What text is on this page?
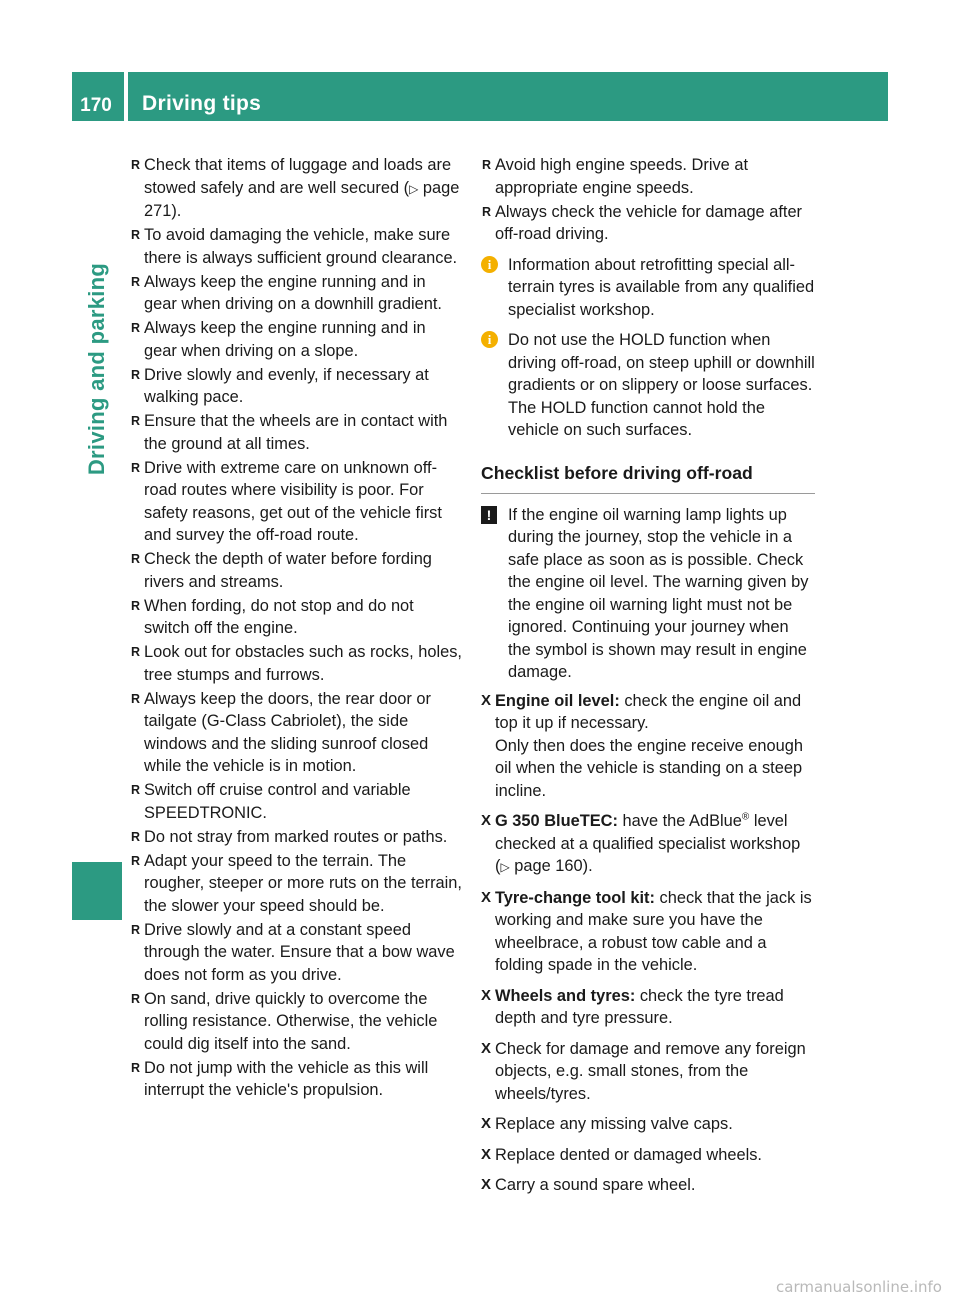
170	Driving tips
Driving and parking
R Check that items of luggage and loads are stowed safely and are well secured (▷ page 271).
R To avoid damaging the vehicle, make sure there is always sufficient ground clearance.
R Always keep the engine running and in gear when driving on a downhill gradient.
R Always keep the engine running and in gear when driving on a slope.
R Drive slowly and evenly, if necessary at walking pace.
R Ensure that the wheels are in contact with the ground at all times.
R Drive with extreme care on unknown off-road routes where visibility is poor. For safety reasons, get out of the vehicle first and survey the off-road route.
R Check the depth of water before fording rivers and streams.
R When fording, do not stop and do not switch off the engine.
R Look out for obstacles such as rocks, holes, tree stumps and furrows.
R Always keep the doors, the rear door or tailgate (G-Class Cabriolet), the side windows and the sliding sunroof closed while the vehicle is in motion.
R Switch off cruise control and variable SPEEDTRONIC.
R Do not stray from marked routes or paths.
R Adapt your speed to the terrain. The rougher, steeper or more ruts on the terrain, the slower your speed should be.
R Drive slowly and at a constant speed through the water. Ensure that a bow wave does not form as you drive.
R On sand, drive quickly to overcome the rolling resistance. Otherwise, the vehicle could dig itself into the sand.
R Do not jump with the vehicle as this will interrupt the vehicle's propulsion.
R Avoid high engine speeds. Drive at appropriate engine speeds.
R Always check the vehicle for damage after off-road driving.
i	Information about retrofitting special all-terrain tyres is available from any qualified specialist workshop.
i	Do not use the HOLD function when driving off-road, on steep uphill or downhill gradients or on slippery or loose surfaces. The HOLD function cannot hold the vehicle on such surfaces.
Checklist before driving off-road
!	If the engine oil warning lamp lights up during the journey, stop the vehicle in a safe place as soon as is possible. Check the engine oil level. The warning given by the engine oil warning light must not be ignored. Continuing your journey when the symbol is shown may result in engine damage.
X Engine oil level: check the engine oil and top it up if necessary.
Only then does the engine receive enough oil when the vehicle is standing on a steep incline.
X G 350 BlueTEC: have the AdBlue® level checked at a qualified specialist workshop (▷ page 160).
X Tyre-change tool kit: check that the jack is working and make sure you have the wheelbrace, a robust tow cable and a folding spade in the vehicle.
X Wheels and tyres: check the tyre tread depth and tyre pressure.
X Check for damage and remove any foreign objects, e.g. small stones, from the wheels/tyres.
X Replace any missing valve caps.
X Replace dented or damaged wheels.
X Carry a sound spare wheel.
carmanualsonline.info
